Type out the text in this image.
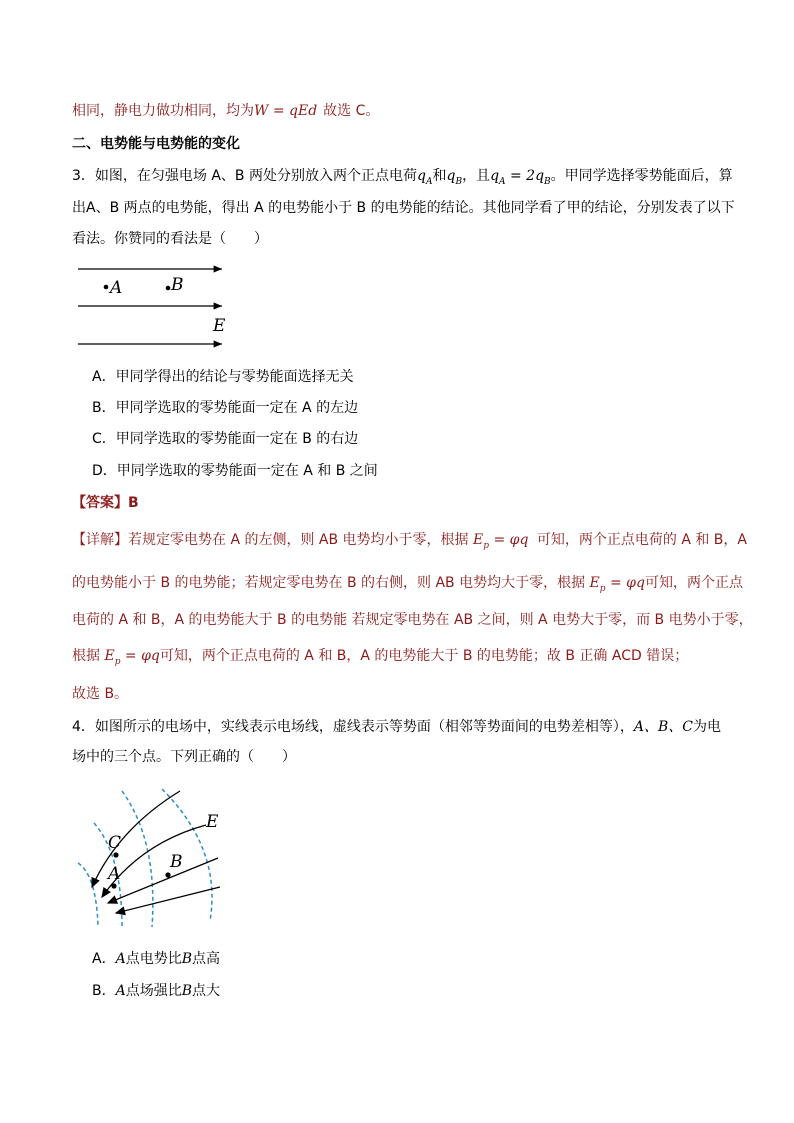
相同，静电力做功相同，均为W = qEd 故选 C。
二、电势能与电势能的变化
3．如图，在匀强电场 A、B 两处分别放入两个正点电荷$q_A$和$q_B$，且$q_A = 2q_B$。甲同学选择零势能面后，算
出A、B 两点的电势能，得出 A 的电势能小于 B 的电势能的结论。其他同学看了甲的结论，分别发表了以下
看法。你赞同的看法是（　　）
A	B
E
A．甲同学得出的结论与零势能面选择无关
B．甲同学选取的零势能面一定在 A 的左边
C．甲同学选取的零势能面一定在 B 的右边
D．甲同学选取的零势能面一定在 A 和 B 之间
【答案】B
【详解】若规定零电势在 A 的左侧，则 AB 电势均小于零，根据 $E_p = \varphi q$ 可知，两个正点电荷的 A 和 B，A
的电势能小于 B 的电势能；若规定零电势在 B 的右侧，则 AB 电势均大于零，根据 $E_p = \varphi q$可知，两个正点
电荷的 A 和 B，A 的电势能大于 B 的电势能 若规定零电势在 AB 之间，则 A 电势大于零，而 B 电势小于零，
根据 $E_p = \varphi q$可知，两个正点电荷的 A 和 B，A 的电势能大于 B 的电势能；故 B 正确 ACD 错误；
故选 B。
4．如图所示的电场中，实线表示电场线，虚线表示等势面（相邻等势面间的电势差相等），A、B、C为电
场中的三个点。下列正确的（　　）
C
A
B
E
A．A点电势比B点高
B．A点场强比B点大
